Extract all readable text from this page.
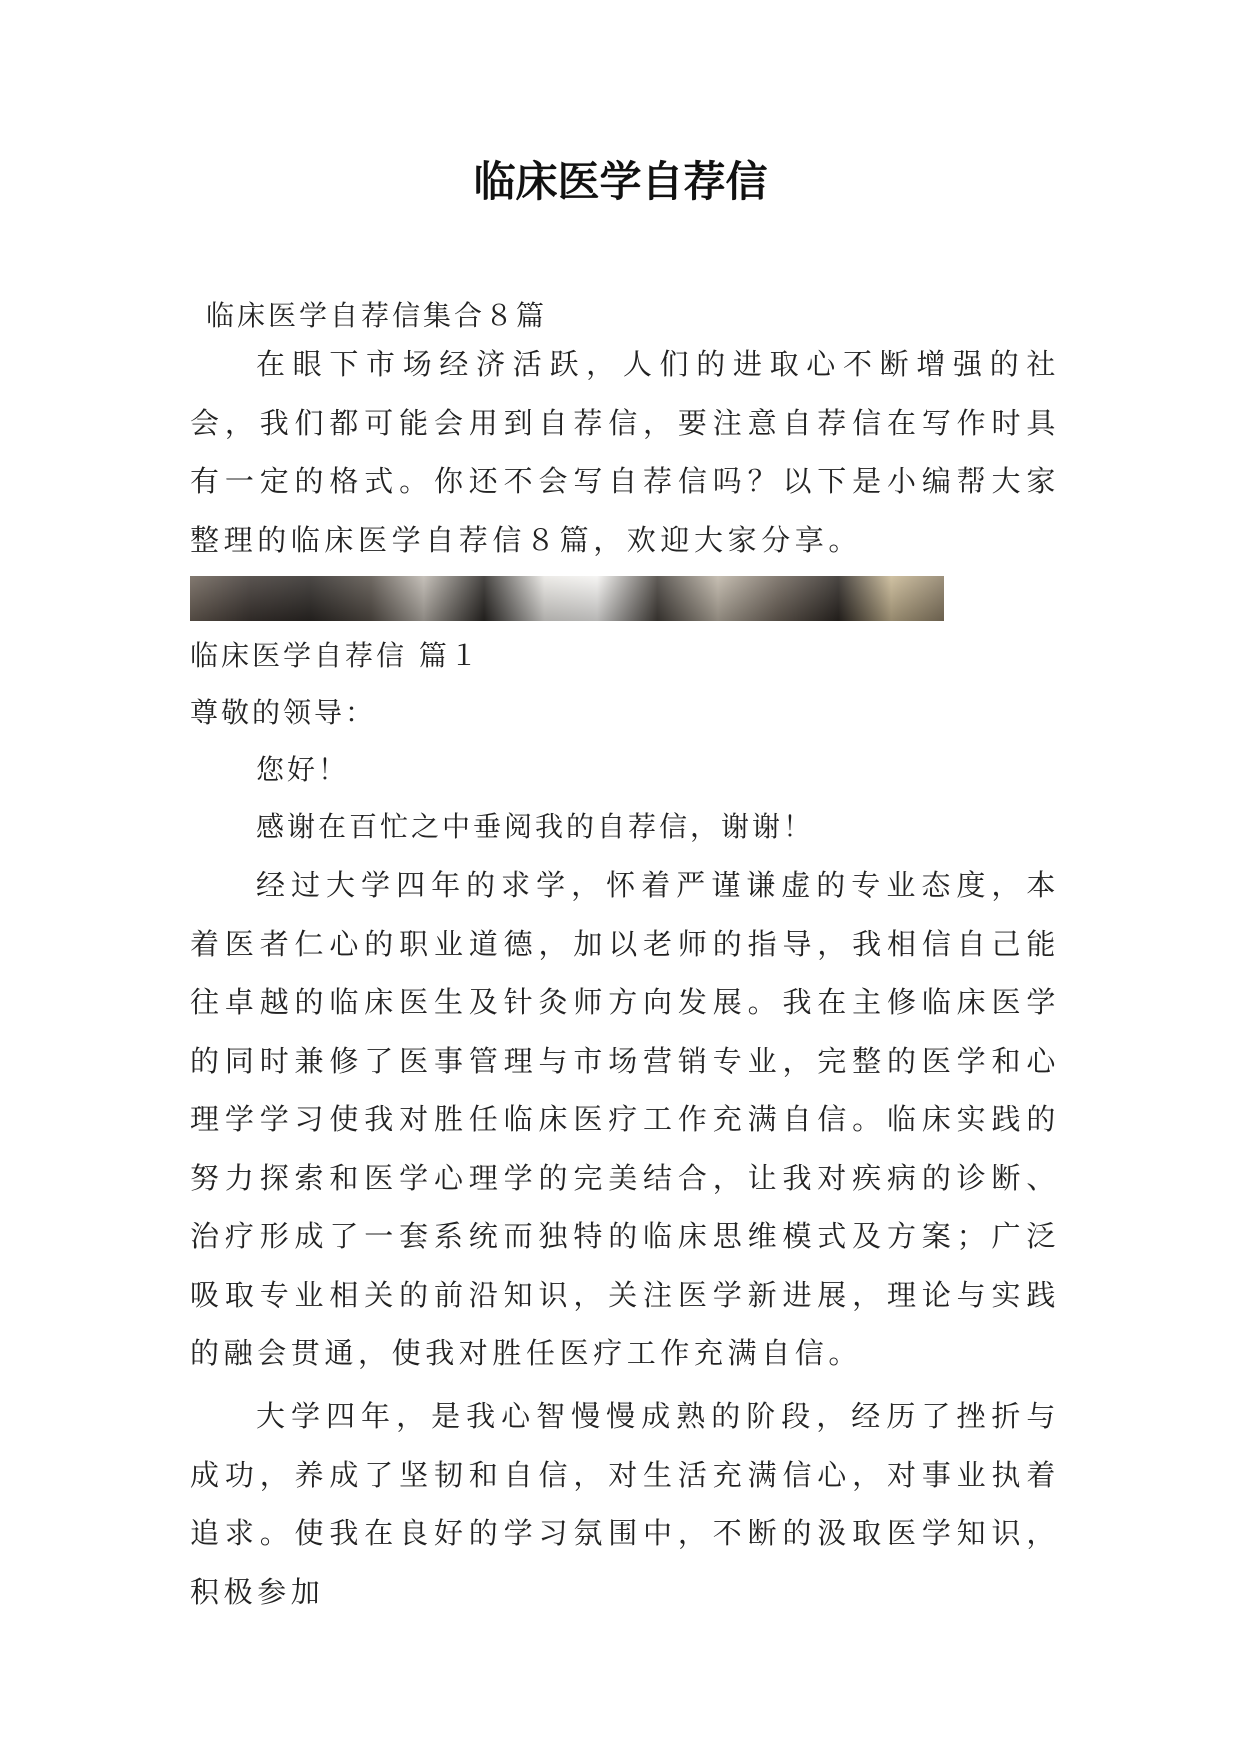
临床医学自荐信

临床医学自荐信集合８篇

在眼下市场经济活跃，人们的进取心不断增强的社会，我们都可能会用到自荐信，要注意自荐信在写作时具有一定的格式。你还不会写自荐信吗？以下是小编帮大家整理的临床医学自荐信８篇，欢迎大家分享。

临床医学自荐信 篇１

尊敬的领导：

您好！

感谢在百忙之中垂阅我的自荐信，谢谢！

经过大学四年的求学，怀着严谨谦虚的专业态度，本着医者仁心的职业道德，加以老师的指导，我相信自己能往卓越的临床医生及针灸师方向发展。我在主修临床医学的同时兼修了医事管理与市场营销专业，完整的医学和心理学学习使我对胜任临床医疗工作充满自信。临床实践的努力探索和医学心理学的完美结合，让我对疾病的诊断、治疗形成了一套系统而独特的临床思维模式及方案；广泛吸取专业相关的前沿知识，关注医学新进展，理论与实践的融会贯通，使我对胜任医疗工作充满自信。

大学四年，是我心智慢慢成熟的阶段，经历了挫折与成功，养成了坚韧和自信，对生活充满信心，对事业执着追求。使我在良好的学习氛围中，不断的汲取医学知识，积极参加
